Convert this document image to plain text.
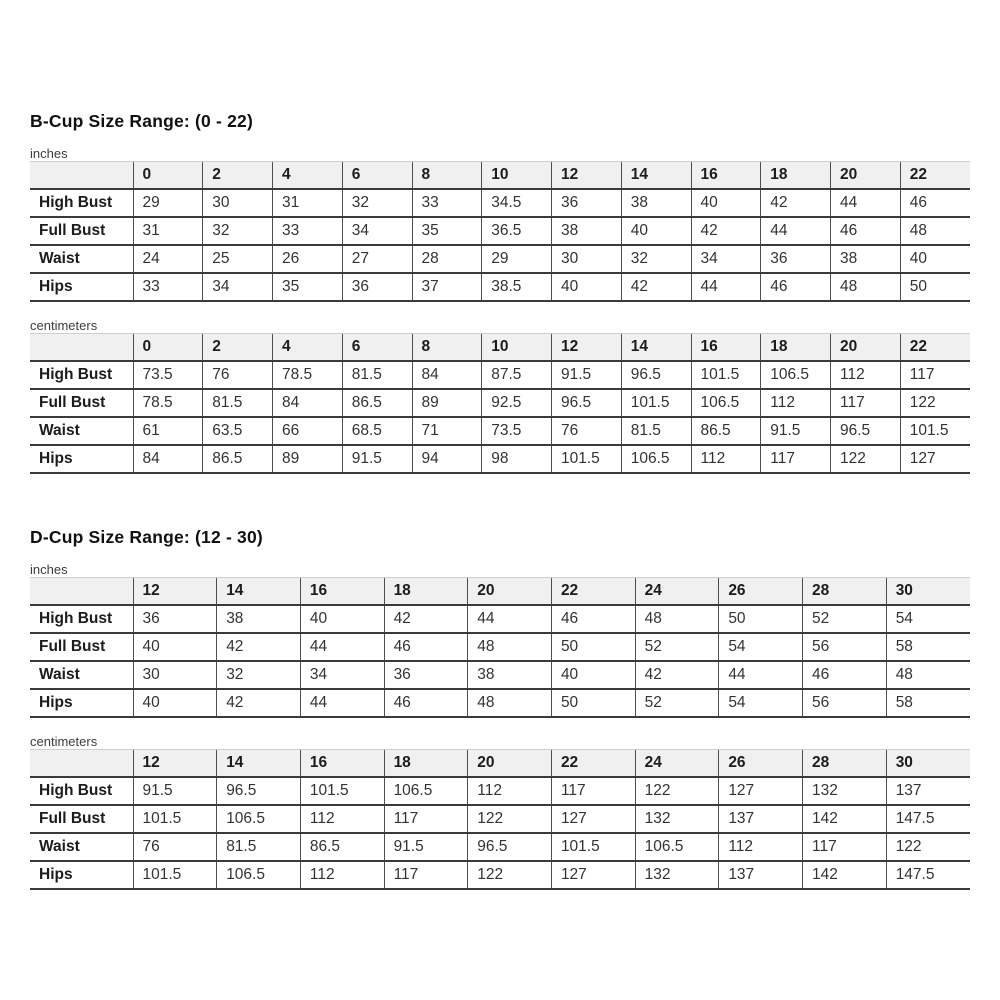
B-Cup Size Range: (0 - 22)
inches
	0	2	4	6	8	10	12	14	16	18	20	22
High Bust	29	30	31	32	33	34.5	36	38	40	42	44	46
Full Bust	31	32	33	34	35	36.5	38	40	42	44	46	48
Waist	24	25	26	27	28	29	30	32	34	36	38	40
Hips	33	34	35	36	37	38.5	40	42	44	46	48	50
centimeters
	0	2	4	6	8	10	12	14	16	18	20	22
High Bust	73.5	76	78.5	81.5	84	87.5	91.5	96.5	101.5	106.5	112	117
Full Bust	78.5	81.5	84	86.5	89	92.5	96.5	101.5	106.5	112	117	122
Waist	61	63.5	66	68.5	71	73.5	76	81.5	86.5	91.5	96.5	101.5
Hips	84	86.5	89	91.5	94	98	101.5	106.5	112	117	122	127
D-Cup Size Range: (12 - 30)
inches
	12	14	16	18	20	22	24	26	28	30
High Bust	36	38	40	42	44	46	48	50	52	54
Full Bust	40	42	44	46	48	50	52	54	56	58
Waist	30	32	34	36	38	40	42	44	46	48
Hips	40	42	44	46	48	50	52	54	56	58
centimeters
	12	14	16	18	20	22	24	26	28	30
High Bust	91.5	96.5	101.5	106.5	112	117	122	127	132	137
Full Bust	101.5	106.5	112	117	122	127	132	137	142	147.5
Waist	76	81.5	86.5	91.5	96.5	101.5	106.5	112	117	122
Hips	101.5	106.5	112	117	122	127	132	137	142	147.5
